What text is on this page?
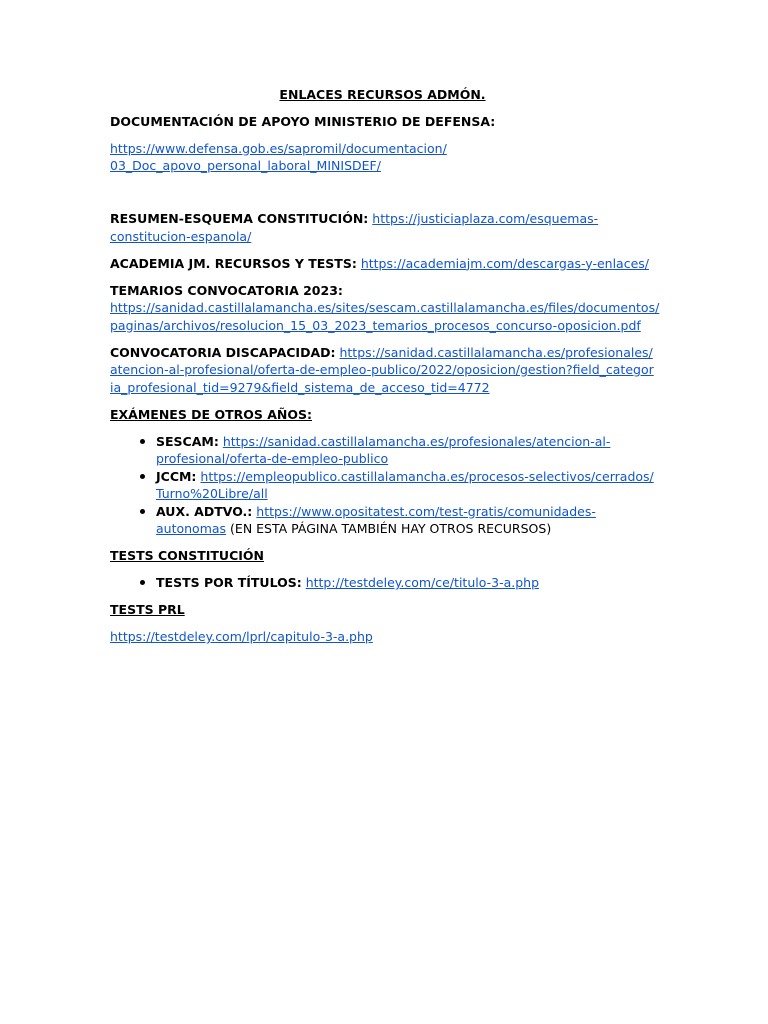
ENLACES RECURSOS ADMÓN.

DOCUMENTACIÓN DE APOYO MINISTERIO DE DEFENSA:

https://www.defensa.gob.es/sapromil/documentacion/
03_Doc_apovo_personal_laboral_MINISDEF/

RESUMEN-ESQUEMA CONSTITUCIÓN: https://justiciaplaza.com/esquemas-constitucion-espanola/

ACADEMIA JM. RECURSOS Y TESTS: https://academiajm.com/descargas-y-enlaces/

TEMARIOS CONVOCATORIA 2023:
https://sanidad.castillalamancha.es/sites/sescam.castillalamancha.es/files/documentos/
paginas/archivos/resolucion_15_03_2023_temarios_procesos_concurso-oposicion.pdf

CONVOCATORIA DISCAPACIDAD: https://sanidad.castillalamancha.es/profesionales/atencion-al-profesional/oferta-de-empleo-publico/2022/oposicion/gestion?field_categoria_profesional_tid=9279&field_sistema_de_acceso_tid=4772

EXÁMENES DE OTROS AÑOS:

• SESCAM: https://sanidad.castillalamancha.es/profesionales/atencion-al-profesional/oferta-de-empleo-publico
• JCCM: https://empleopublico.castillalamancha.es/procesos-selectivos/cerrados/Turno%20Libre/all
• AUX. ADTVO.: https://www.opositatest.com/test-gratis/comunidades-autonomas (EN ESTA PÁGINA TAMBIÉN HAY OTROS RECURSOS)

TESTS CONSTITUCIÓN

• TESTS POR TÍTULOS: http://testdeley.com/ce/titulo-3-a.php

TESTS PRL

https://testdeley.com/lprl/capitulo-3-a.php
